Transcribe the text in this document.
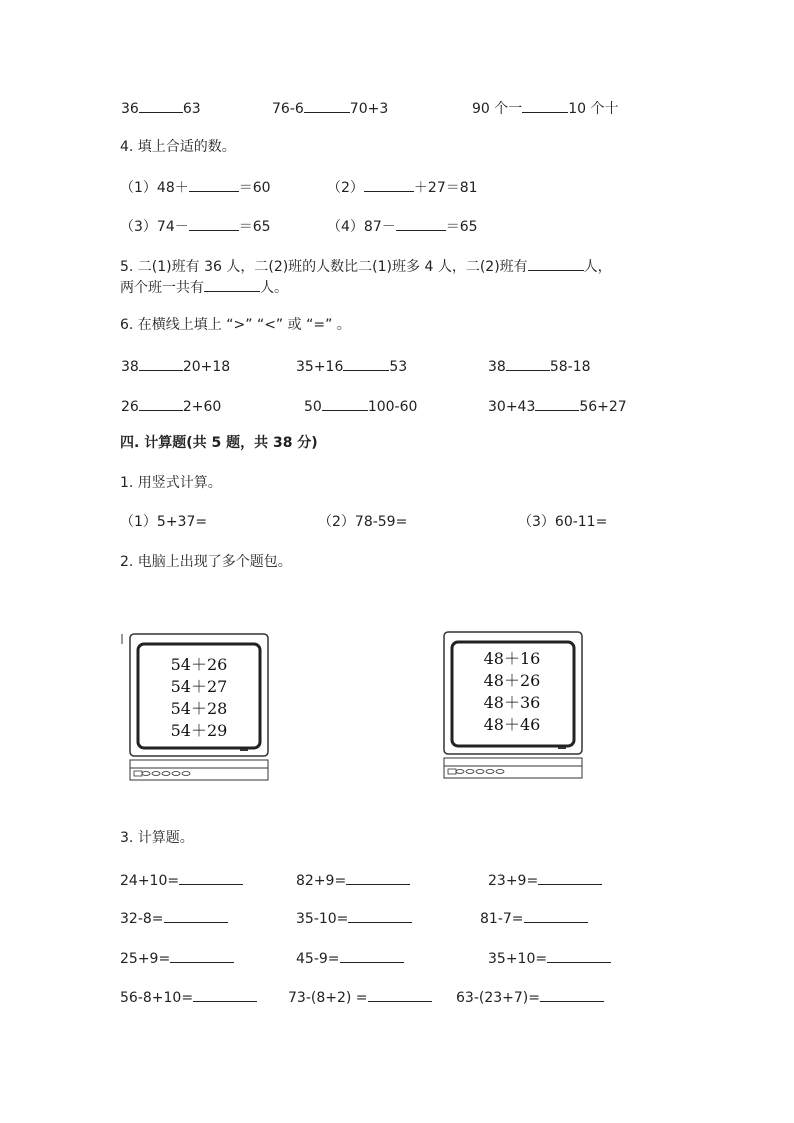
36	63	76-6	70+3	90 个一	10 个十
4. 填上合适的数。
（1）48＋	＝60	（2）	＋27＝81
（3）74－	＝65	（4）87－	＝65
5. 二(1)班有 36 人，二(2)班的人数比二(1)班多 4 人，二(2)班有	人，
两个班一共有	人。
6. 在横线上填上 “>” “<” 或 “=” 。
38	20+18	35+16	53	38	58-18
26	2+60	50	100-60	30+43	56+27
四. 计算题(共 5 题，共 38 分)
1. 用竖式计算。
（1）5+37=	（2）78-59=	（3）60-11=
2. 电脑上出现了多个题包。
54＋26
54＋27
54＋28
54＋29
48＋16
48＋26
48＋36
48＋46
3. 计算题。
24+10=	82+9=	23+9=
32-8=	35-10=	81-7=
25+9=	45-9=	35+10=
56-8+10=	73-(8+2) =	63-(23+7)=
